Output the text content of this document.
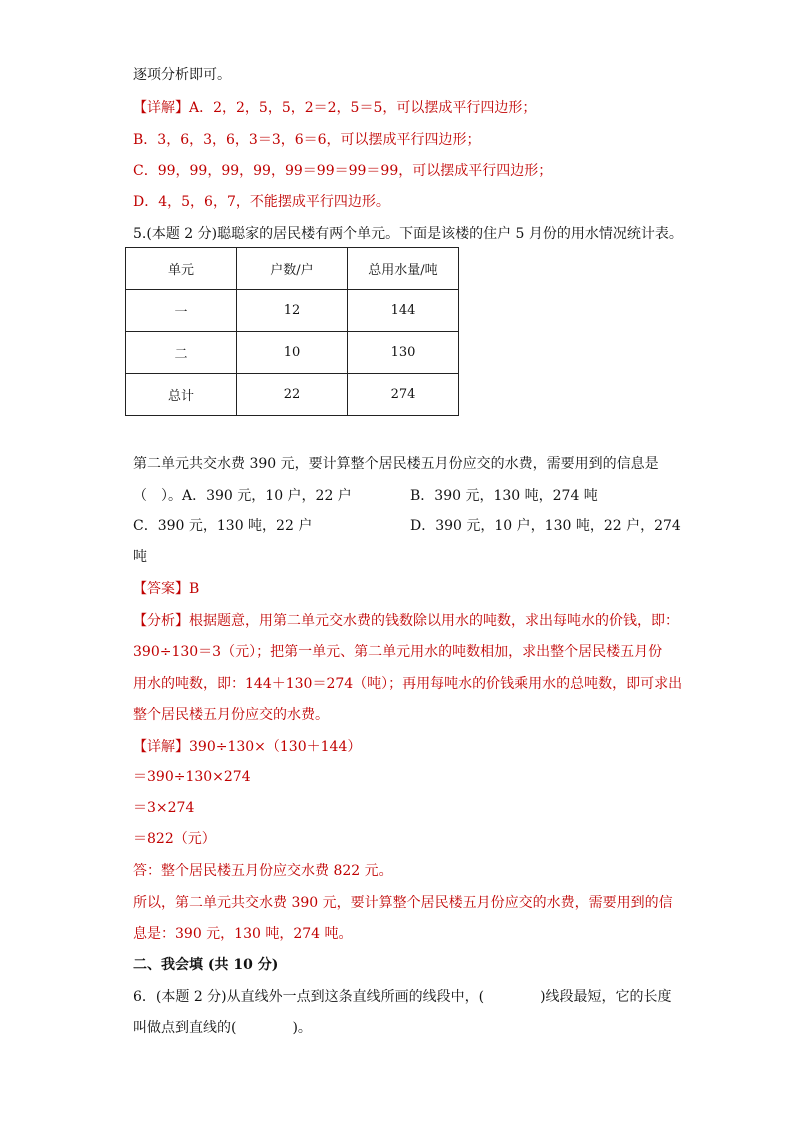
逐项分析即可。
【详解】A．2，2，5，5，2＝2，5＝5，可以摆成平行四边形；
B．3，6，3，6，3＝3，6＝6，可以摆成平行四边形；
C．99，99，99，99，99＝99＝99＝99，可以摆成平行四边形；
D．4，5，6，7，不能摆成平行四边形。
5.(本题 2 分)聪聪家的居民楼有两个单元。下面是该楼的住户 5 月份的用水情况统计表。
单元	户数/户	总用水量/吨
一	12	144
二	10	130
总计	22	274
第二单元共交水费 390 元，要计算整个居民楼五月份应交的水费，需要用到的信息是
（　）。A．390 元，10 户，22 户	B．390 元，130 吨，274 吨
C．390 元，130 吨，22 户	D．390 元，10 户，130 吨，22 户，274
吨
【答案】B
【分析】根据题意，用第二单元交水费的钱数除以用水的吨数，求出每吨水的价钱，即：
390÷130＝3（元）；把第一单元、第二单元用水的吨数相加，求出整个居民楼五月份
用水的吨数，即：144＋130＝274（吨）；再用每吨水的价钱乘用水的总吨数，即可求出
整个居民楼五月份应交的水费。
【详解】390÷130×（130＋144）
＝390÷130×274
＝3×274
＝822（元）
答：整个居民楼五月份应交水费 822 元。
所以，第二单元共交水费 390 元，要计算整个居民楼五月份应交的水费，需要用到的信
息是：390 元，130 吨，274 吨。
二、我会填 (共 10 分)
6．(本题 2 分)从直线外一点到这条直线所画的线段中，(　　　　)线段最短，它的长度
叫做点到直线的(　　　　)。
